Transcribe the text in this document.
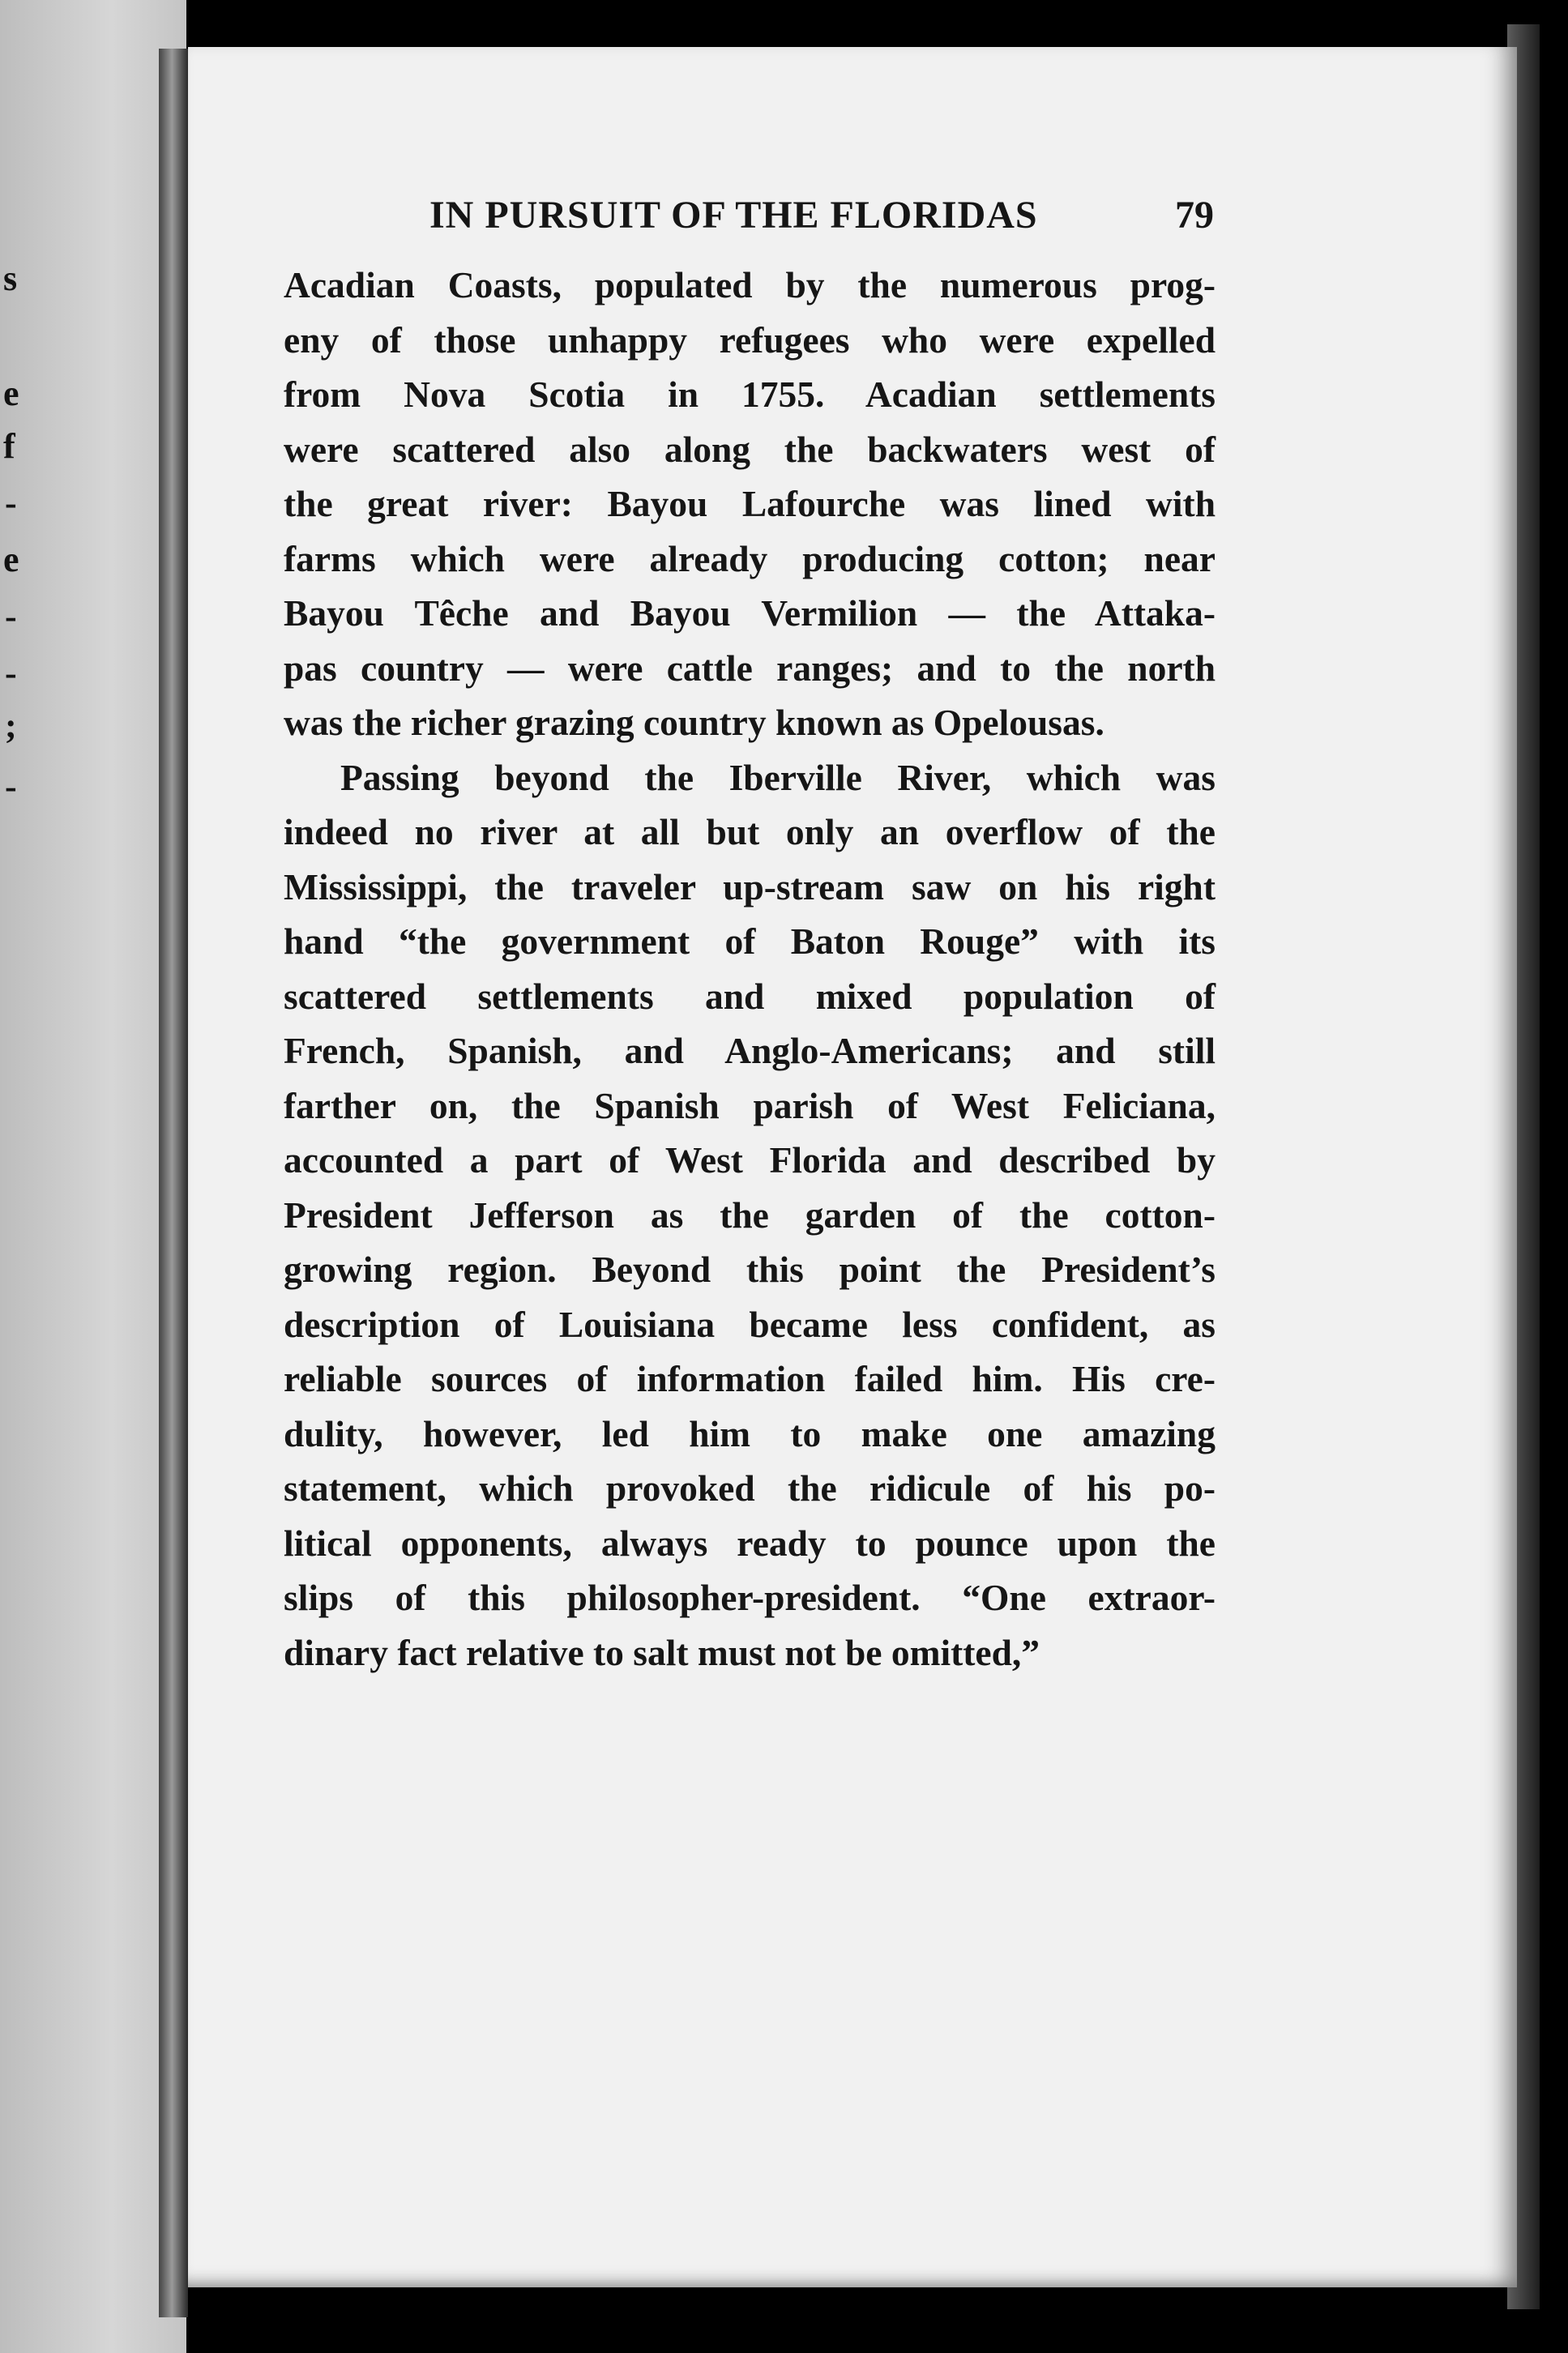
s
e
f
-
e
-
-
;
-
IN PURSUIT OF THE FLORIDAS	79
Acadian Coasts, populated by the numerous prog-
eny of those unhappy refugees who were expelled
from Nova Scotia in 1755. Acadian settlements
were scattered also along the backwaters west of
the great river: Bayou Lafourche was lined with
farms which were already producing cotton; near
Bayou Têche and Bayou Vermilion — the Attaka-
pas country — were cattle ranges; and to the north
was the richer grazing country known as Opelousas.
Passing beyond the Iberville River, which was
indeed no river at all but only an overflow of the
Mississippi, the traveler up-stream saw on his right
hand “the government of Baton Rouge” with its
scattered settlements and mixed population of
French, Spanish, and Anglo-Americans; and still
farther on, the Spanish parish of West Feliciana,
accounted a part of West Florida and described by
President Jefferson as the garden of the cotton-
growing region. Beyond this point the President’s
description of Louisiana became less confident, as
reliable sources of information failed him. His cre-
dulity, however, led him to make one amazing
statement, which provoked the ridicule of his po-
litical opponents, always ready to pounce upon the
slips of this philosopher-president. “One extraor-
dinary fact relative to salt must not be omitted,”
